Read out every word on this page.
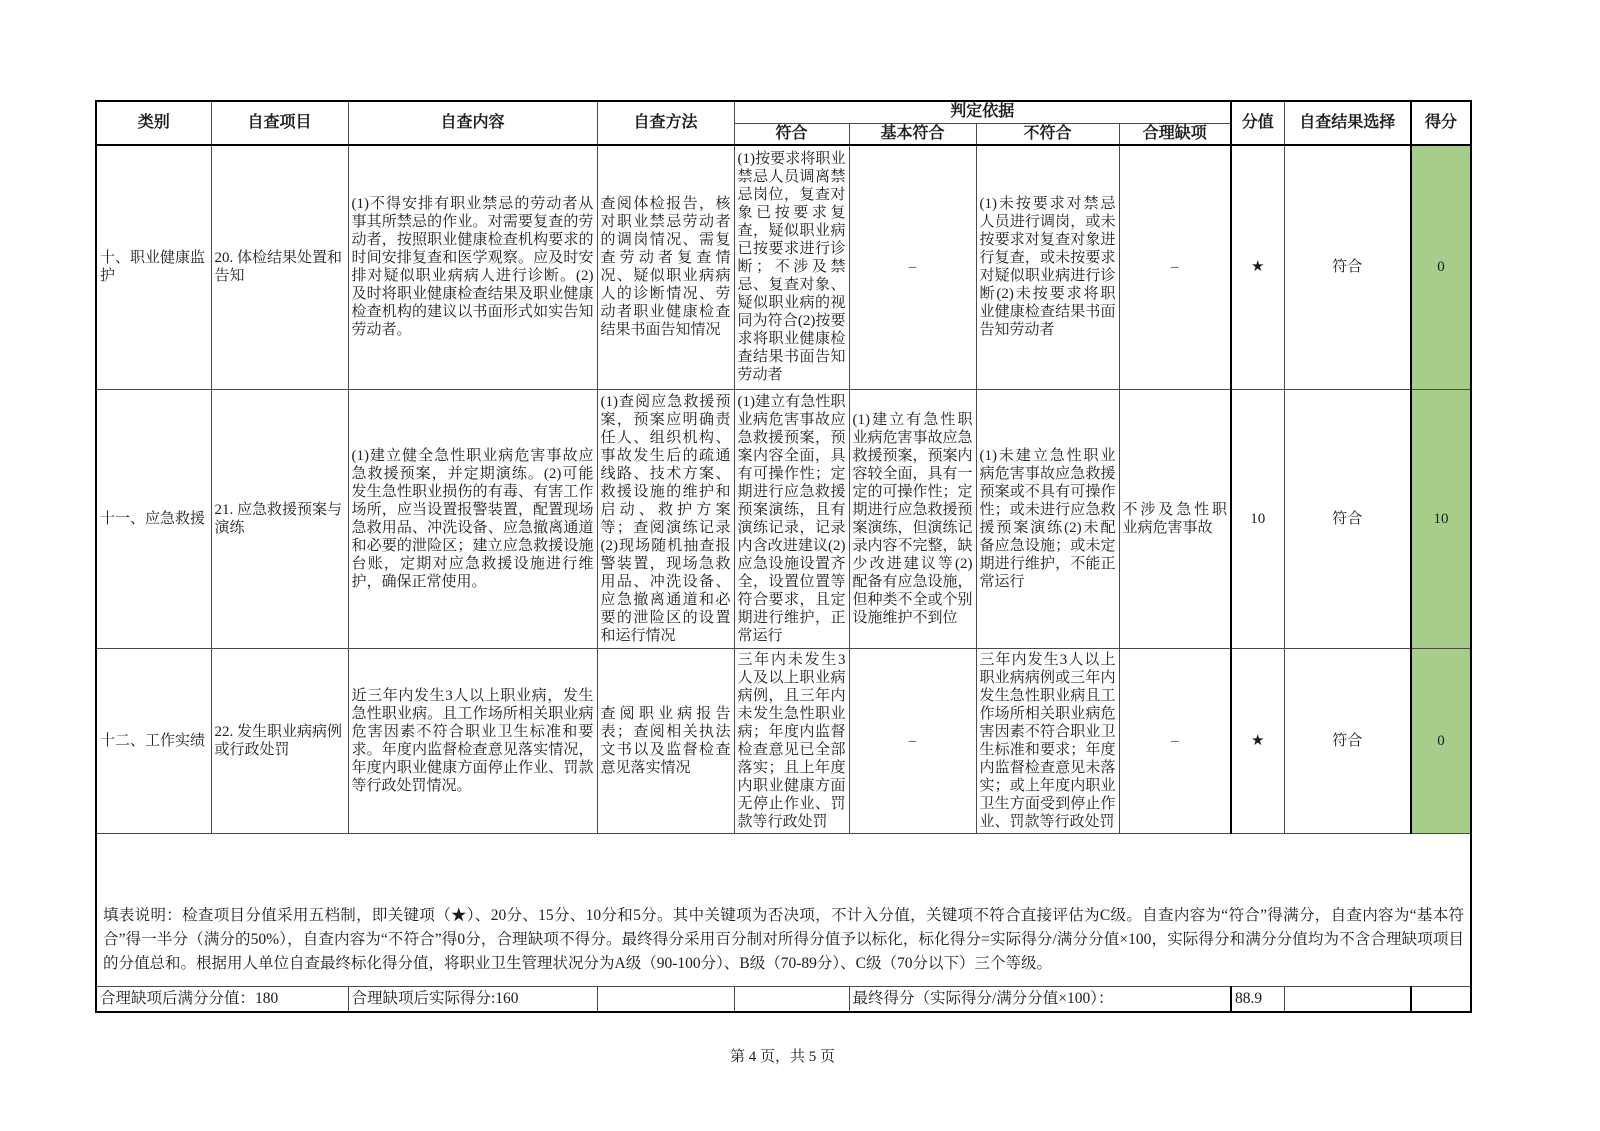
类别	自查项目	自查内容	自查方法	判定依据				分值	自查结果选择	得分
				符合	基本符合	不符合	合理缺项			
十、职业健康监护	20. 体检结果处置和告知	(1)不得安排有职业禁忌的劳动者从事其所禁忌的作业。对需要复查的劳动者，按照职业健康检查机构要求的时间安排复查和医学观察。应及时安排对疑似职业病病人进行诊断。(2)及时将职业健康检查结果及职业健康检查机构的建议以书面形式如实告知劳动者。	查阅体检报告，核对职业禁忌劳动者的调岗情况、需复查劳动者复查情况、疑似职业病病人的诊断情况、劳动者职业健康检查结果书面告知情况	(1)按要求将职业禁忌人员调离禁忌岗位，复查对象已按要求复查，疑似职业病已按要求进行诊断；不涉及禁忌、复查对象、疑似职业病的视同为符合(2)按要求将职业健康检查结果书面告知劳动者	–	(1)未按要求对禁忌人员进行调岗，或未按要求对复查对象进行复查，或未按要求对疑似职业病进行诊断(2)未按要求将职业健康检查结果书面告知劳动者	–	★	符合	0
十一、应急救援	21. 应急救援预案与演练	(1)建立健全急性职业病危害事故应急救援预案，并定期演练。(2)可能发生急性职业损伤的有毒、有害工作场所，应当设置报警装置，配置现场急救用品、冲洗设备、应急撤离通道和必要的泄险区；建立应急救援设施台账，定期对应急救援设施进行维护，确保正常使用。	(1)查阅应急救援预案，预案应明确责任人、组织机构、事故发生后的疏通线路、技术方案、救援设施的维护和启动、救护方案等；查阅演练记录(2)现场随机抽查报警装置，现场急救用品、冲洗设备、应急撤离通道和必要的泄险区的设置和运行情况	(1)建立有急性职业病危害事故应急救援预案，预案内容全面，具有可操作性；定期进行应急救援预案演练，且有演练记录，记录内含改进建议(2)应急设施设置齐全，设置位置等符合要求，且定期进行维护，正常运行	(1)建立有急性职业病危害事故应急救援预案，预案内容较全面，具有一定的可操作性；定期进行应急救援预案演练，但演练记录内容不完整，缺少改进建议等(2)配备有应急设施，但种类不全或个别设施维护不到位	(1)未建立急性职业病危害事故应急救援预案或不具有可操作性；或未进行应急救援预案演练(2)未配备应急设施；或未定期进行维护，不能正常运行	不涉及急性职业病危害事故	10	符合	10
十二、工作实绩	22. 发生职业病病例或行政处罚	近三年内发生3人以上职业病，发生急性职业病。且工作场所相关职业病危害因素不符合职业卫生标准和要求。年度内监督检查意见落实情况，年度内职业健康方面停止作业、罚款等行政处罚情况。	查阅职业病报告表；查阅相关执法文书以及监督检查意见落实情况	三年内未发生3人及以上职业病病例，且三年内未发生急性职业病；年度内监督检查意见已全部落实；且上年度内职业健康方面无停止作业、罚款等行政处罚	–	三年内发生3人以上职业病病例或三年内发生急性职业病且工作场所相关职业病危害因素不符合职业卫生标准和要求；年度内监督检查意见未落实；或上年度内职业卫生方面受到停止作业、罚款等行政处罚	–	★	符合	0
填表说明：检查项目分值采用五档制，即关键项（★）、20分、15分、10分和5分。其中关键项为否决项，不计入分值，关键项不符合直接评估为C级。自查内容为“符合”得满分，自查内容为“基本符合”得一半分（满分的50%），自查内容为“不符合”得0分，合理缺项不得分。最终得分采用百分制对所得分值予以标化，标化得分=实际得分/满分分值×100，实际得分和满分分值均为不含合理缺项项目的分值总和。根据用人单位自查最终标化得分值，将职业卫生管理状况分为A级（90-100分）、B级（70-89分）、C级（70分以下）三个等级。										
合理缺项后满分分值：180		合理缺项后实际得分:160			最终得分（实际得分/满分分值×100）：			88.9		
第 4 页，共 5 页
